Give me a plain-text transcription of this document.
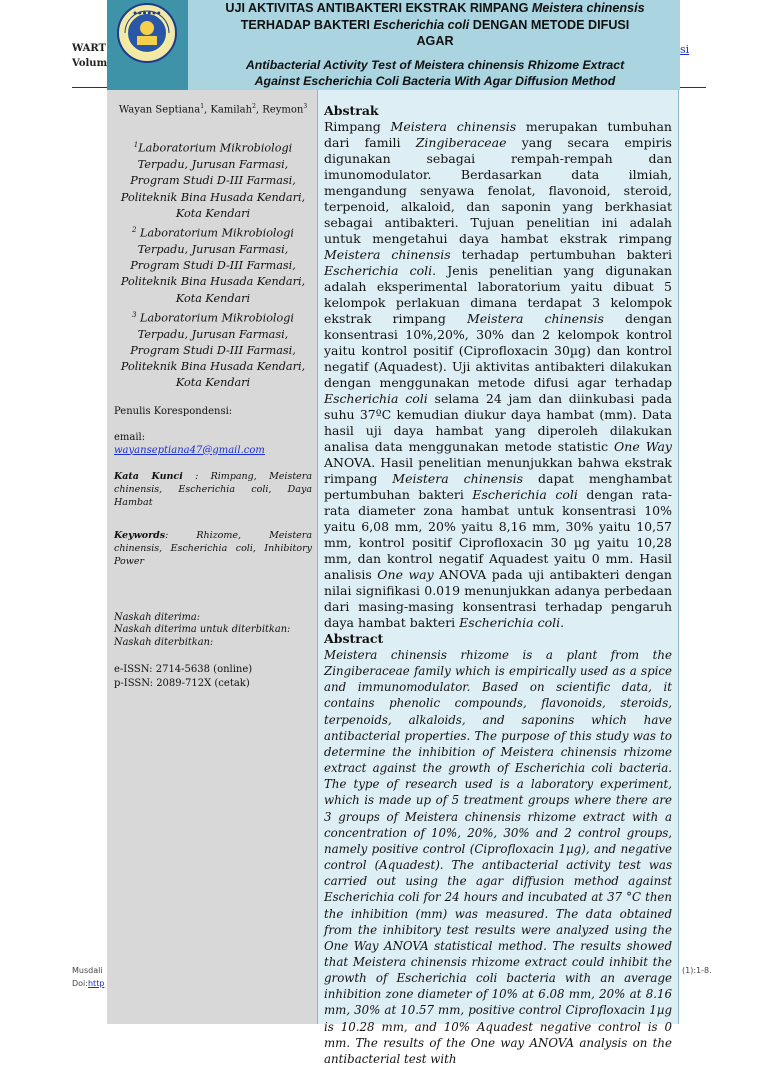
WART
Volum
si
Musdali
Doi:http
(1):1-8.
● ● ● ● ● ●	UJI AKTIVITAS ANTIBAKTERI EKSTRAK RIMPANG Meistera chinensis
TERHADAP BAKTERI Escherichia coli DENGAN METODE DIFUSI
AGAR
Antibacterial Activity Test of Meistera chinensis Rhizome Extract
Against Escherichia Coli Bacteria With Agar Diffusion Method

Wayan Septiana$^1$, Kamilah$^2$, Reymon$^3$

$^1$Laboratorium Mikrobiologi Terpadu, Jurusan Farmasi, Program Studi D-III Farmasi, Politeknik Bina Husada Kendari, Kota Kendari

$^2$ Laboratorium Mikrobiologi Terpadu, Jurusan Farmasi, Program Studi D-III Farmasi, Politeknik Bina Husada Kendari, Kota Kendari

$^3$ Laboratorium Mikrobiologi Terpadu, Jurusan Farmasi, Program Studi D-III Farmasi, Politeknik Bina Husada Kendari, Kota Kendari

Penulis Korespondensi:

email:

wayanseptiana47@gmail.com

Kata Kunci : Rimpang, Meistera chinensis, Escherichia coli, Daya Hambat

Keywords: Rhizome, Meistera chinensis, Escherichia coli, Inhibitory Power

Naskah diterima:

Naskah diterima untuk diterbitkan:

Naskah diterbitkan:

e-ISSN: 2714-5638 (online)

p-ISSN: 2089-712X (cetak)

Abstrak

Rimpang Meistera chinensis merupakan tumbuhan dari famili Zingiberaceae yang secara empiris digunakan sebagai rempah-rempah dan imunomodulator. Berdasarkan data ilmiah, mengandung senyawa fenolat, flavonoid, steroid, terpenoid, alkaloid, dan saponin yang berkhasiat sebagai antibakteri. Tujuan penelitian ini adalah untuk mengetahui daya hambat ekstrak rimpang Meistera chinensis terhadap pertumbuhan bakteri Escherichia coli. Jenis penelitian yang digunakan adalah eksperimental laboratorium yaitu dibuat 5 kelompok perlakuan dimana terdapat 3 kelompok ekstrak rimpang Meistera chinensis dengan konsentrasi 10%,20%, 30% dan 2 kelompok kontrol yaitu kontrol positif (Ciprofloxacin 30µg) dan kontrol negatif (Aquadest). Uji aktivitas antibakteri dilakukan dengan menggunakan metode difusi agar terhadap Escherichia coli selama 24 jam dan diinkubasi pada suhu 37ºC kemudian diukur daya hambat (mm). Data hasil uji daya hambat yang diperoleh dilakukan analisa data menggunakan metode statistic One Way ANOVA. Hasil penelitian menunjukkan bahwa ekstrak rimpang Meistera chinensis dapat menghambat pertumbuhan bakteri Escherichia coli dengan rata-rata diameter zona hambat untuk konsentrasi 10% yaitu 6,08 mm, 20% yaitu 8,16 mm, 30% yaitu 10,57 mm, kontrol positif Ciprofloxacin 30 µg yaitu 10,28 mm, dan kontrol negatif Aquadest yaitu 0 mm. Hasil analisis One way ANOVA pada uji antibakteri dengan nilai signifikasi 0.019 menunjukkan adanya perbedaan dari masing-masing konsentrasi terhadap pengaruh daya hambat bakteri Escherichia coli.

Abstract

Meistera chinensis rhizome is a plant from the Zingiberaceae family which is empirically used as a spice and immunomodulator. Based on scientific data, it contains phenolic compounds, flavonoids, steroids, terpenoids, alkaloids, and saponins which have antibacterial properties. The purpose of this study was to determine the inhibition of Meistera chinensis rhizome extract against the growth of Escherichia coli bacteria. The type of research used is a laboratory experiment, which is made up of 5 treatment groups where there are 3 groups of Meistera chinensis rhizome extract with a concentration of 10%, 20%, 30% and 2 control groups, namely positive control (Ciprofloxacin 1µg), and negative control (Aquadest). The antibacterial activity test was carried out using the agar diffusion method against Escherichia coli for 24 hours and incubated at 37 °C then the inhibition (mm) was measured. The data obtained from the inhibitory test results were analyzed using the One Way ANOVA statistical method. The results showed that Meistera chinensis rhizome extract could inhibit the growth of Escherichia coli bacteria with an average inhibition zone diameter of 10% at 6.08 mm, 20% at 8.16 mm, 30% at 10.57 mm, positive control Ciprofloxacin 1µg is 10.28 mm, and 10% Aquadest negative control is 0 mm. The results of the One way ANOVA analysis on the antibacterial test with
